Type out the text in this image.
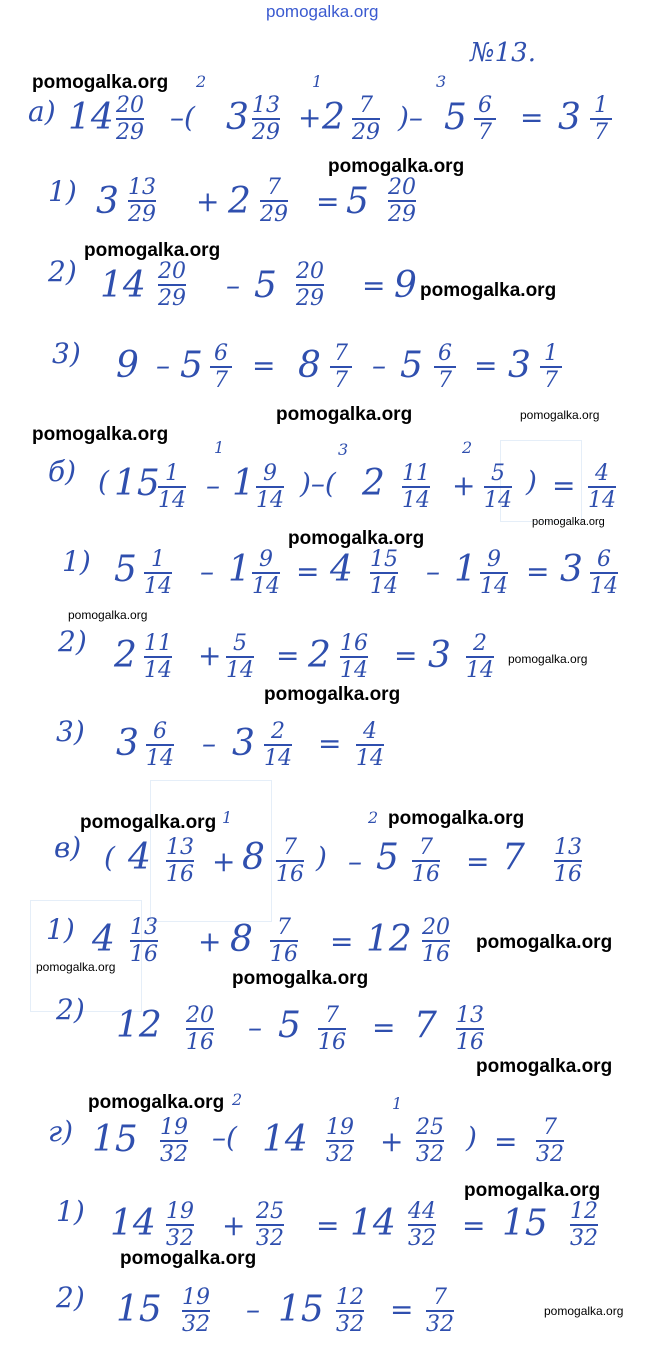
pomogalka.org
№13.
а) 14 20
29
2
–( 3 13
29
1
+ 2 7
29
3
)– 5 6
7 = 3 1
7
1) 3 13
29 + 2 7
29 = 5 20
29
2) 14 20
29 – 5 20
29 = 9
3) 9 – 5 6
7 = 8 7
7 – 5 6
7 = 3 1
7
б) ( 15 1
14
1
– 1 9
14
3
)–( 2 11
14
2
+ 5
14
) = 4
14
1) 5 1
14 – 1 9
14 = 4 15
14 – 1 9
14 = 3 6
14
2) 2 11
14 + 5
14 = 2 16
14 = 3 2
14
3) 3 6
14 – 3 2
14 = 4
14
в)
1	2
( 4 13
16 + 8 7
16
) – 5 7
16 = 7 13
16
1) 4 13
16 + 8 7
16 = 12 20
16
2) 12 20
16 – 5 7
16 = 7 13
16
г)
2	1
15 19
32
–( 14 19
32 + 25
32
) = 7
32
1) 14 19
32 + 25
32 = 14 44
32 = 15 12
32
2) 15 19
32 – 15 12
32 = 7
32
pomogalka.org
pomogalka.org
pomogalka.org
pomogalka.org
pomogalka.org	pomogalka.org
pomogalka.org
pomogalka.org
pomogalka.org
pomogalka.org
pomogalka.org
pomogalka.org
pomogalka.org	pomogalka.org
pomogalka.org
pomogalka.org
pomogalka.org
pomogalka.org
pomogalka.org
pomogalka.org
pomogalka.org
pomogalka.org
